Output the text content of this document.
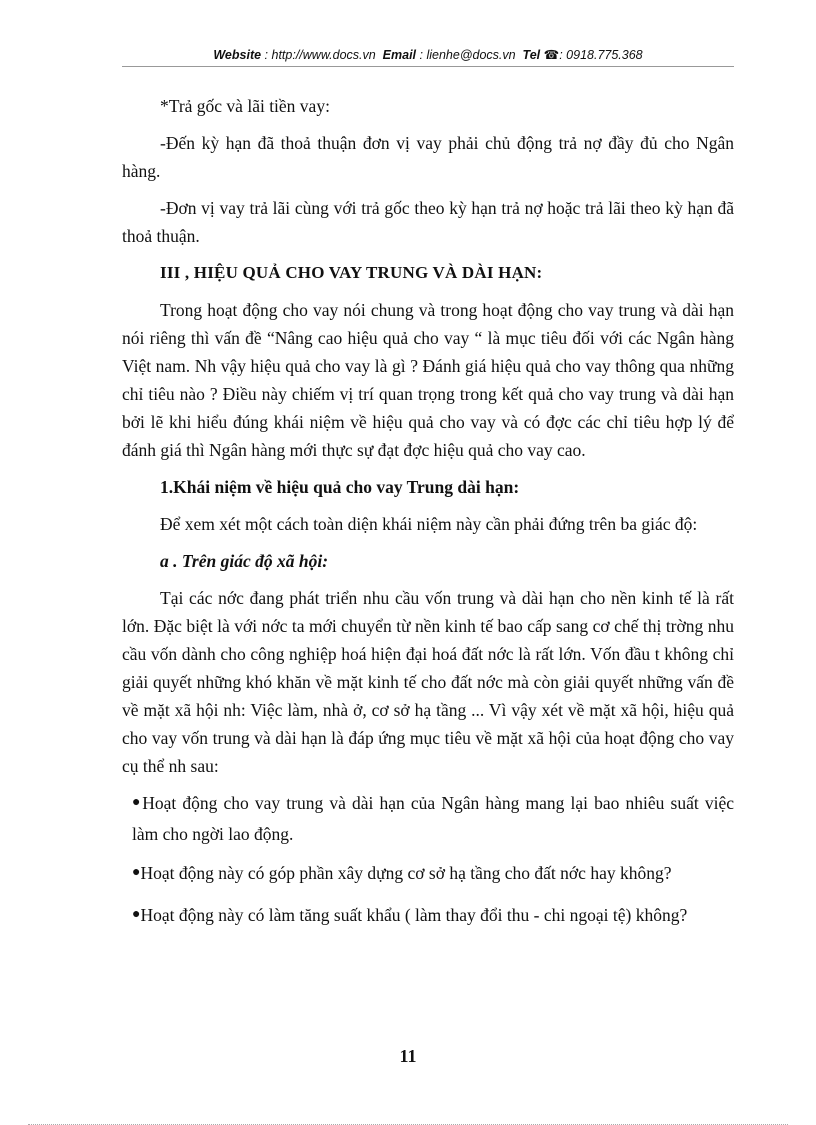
Website : http://www.docs.vn Email : lienhe@docs.vn Tel ☎: 0918.775.368

*Trả gốc và lãi tiền vay:

-Đến kỳ hạn đã thoả thuận đơn vị vay phải chủ động trả nợ đầy đủ cho Ngân hàng.

-Đơn vị vay trả lãi cùng với trả gốc theo kỳ hạn trả nợ hoặc trả lãi theo kỳ hạn đã thoả thuận.

III , HIỆU QUẢ CHO VAY TRUNG VÀ DÀI HẠN:

Trong hoạt động cho vay nói chung và trong hoạt động cho vay trung và dài hạn nói riêng thì vấn đề “Nâng cao hiệu quả cho vay “ là mục tiêu đối với các Ngân hàng Việt nam. Nh vậy hiệu quả cho vay là gì ? Đánh giá hiệu quả cho vay thông qua những chỉ tiêu nào ? Điều này chiếm vị trí quan trọng trong kết quả cho vay trung và dài hạn bởi lẽ khi hiểu đúng khái niệm về hiệu quả cho vay và có đợc các chỉ tiêu hợp lý để đánh giá thì Ngân hàng mới thực sự đạt đợc hiệu quả cho vay cao.

1.Khái niệm về hiệu quả cho vay Trung dài hạn:

Để xem xét một cách toàn diện khái niệm này cần phải đứng trên ba giác độ:

a . Trên giác độ xã hội:

Tại các nớc đang phát triển nhu cầu vốn trung và dài hạn cho nền kinh tế là rất lớn. Đặc biệt là với nớc ta mới chuyển từ nền kinh tế bao cấp sang cơ chế thị trờng nhu cầu vốn dành cho công nghiệp hoá hiện đại hoá đất nớc là rất lớn. Vốn đầu t không chỉ giải quyết những khó khăn về mặt kinh tế cho đất nớc mà còn giải quyết những vấn đề về mặt xã hội nh: Việc làm, nhà ở, cơ sở hạ tầng ... Vì vậy xét về mặt xã hội, hiệu quả cho vay vốn trung và dài hạn là đáp ứng mục tiêu về mặt xã hội của hoạt động cho vay cụ thể nh sau:

●Hoạt động cho vay trung và dài hạn của Ngân hàng mang lại bao nhiêu suất việc làm cho ngời lao động.

●Hoạt động này có góp phần xây dựng cơ sở hạ tầng cho đất nớc hay không?

●Hoạt động này có làm tăng suất khẩu ( làm thay đổi thu - chi ngoại tệ) không?

11
